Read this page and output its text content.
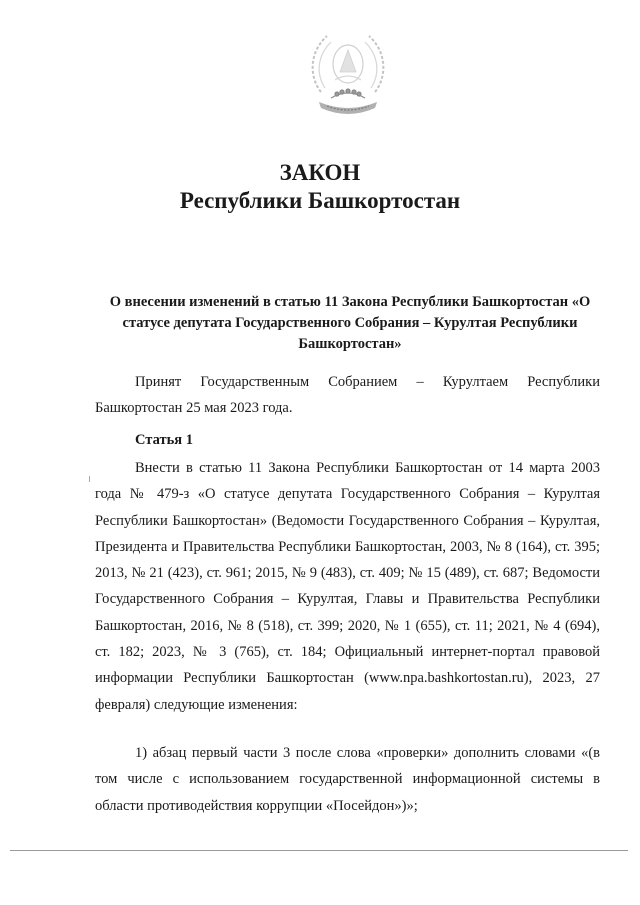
ЗАКОН
Республики Башкортостан

О внесении изменений в статью 11 Закона Республики Башкортостан «О статусе депутата Государственного Собрания – Курултая Республики Башкортостан»

Принят Государственным Собранием – Курултаем Республики Башкортостан 25 мая 2023 года.

Статья 1

Внести в статью 11 Закона Республики Башкортостан от 14 марта 2003 года № 479-з «О статусе депутата Государственного Собрания – Курултая Республики Башкортостан» (Ведомости Государственного Собрания – Курултая, Президента и Правительства Республики Башкортостан, 2003, № 8 (164), ст. 395; 2013, № 21 (423), ст. 961; 2015, № 9 (483), ст. 409; № 15 (489), ст. 687; Ведомости Государственного Собрания – Курултая, Главы и Правительства Республики Башкортостан, 2016, № 8 (518), ст. 399; 2020, № 1 (655), ст. 11; 2021, № 4 (694), ст. 182; 2023, № 3 (765), ст. 184; Официальный интернет-портал правовой информации Республики Башкортостан (www.npa.bashkortostan.ru), 2023, 27 февраля) следующие изменения:

1) абзац первый части 3 после слова «проверки» дополнить словами «(в том числе с использованием государственной информационной системы в области противодействия коррупции «Посейдон»)»;
